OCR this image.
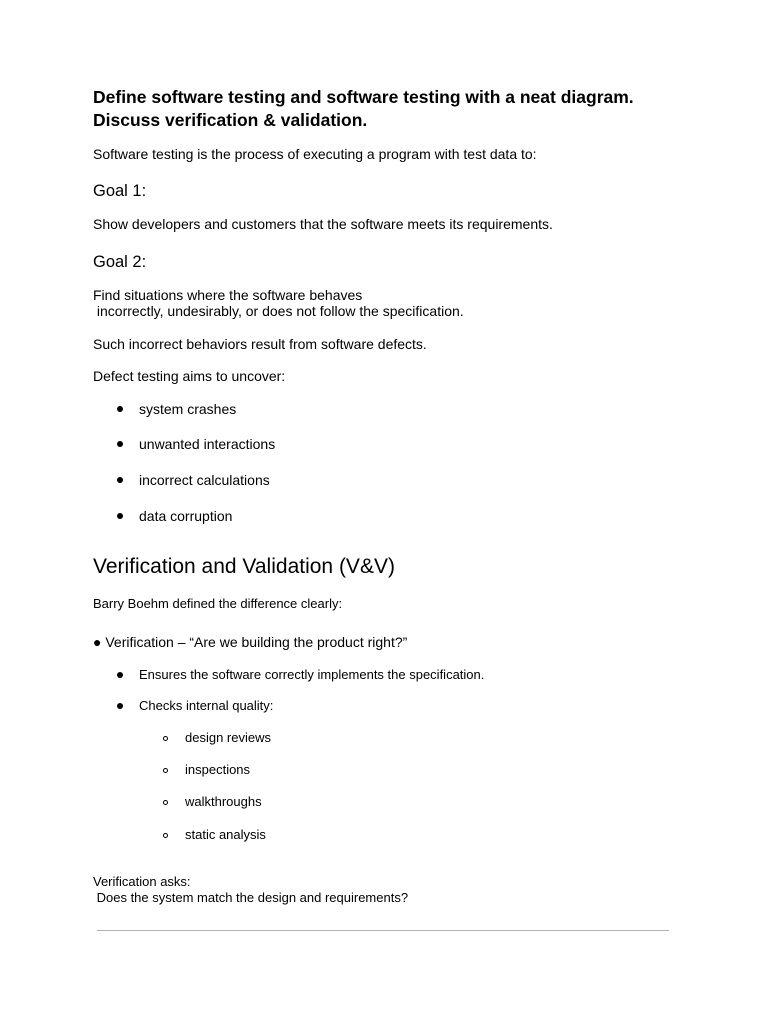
Define software testing and software testing with a neat diagram.
Discuss verification & validation.
Software testing is the process of executing a program with test data to:
Goal 1:
Show developers and customers that the software meets its requirements.
Goal 2:
Find situations where the software behaves
incorrectly, undesirably, or does not follow the specification.
Such incorrect behaviors result from software defects.
Defect testing aims to uncover:
system crashes
unwanted interactions
incorrect calculations
data corruption
Verification and Validation (V&V)
Barry Boehm defined the difference clearly:
● Verification – “Are we building the product right?”
Ensures the software correctly implements the specification.
Checks internal quality:
design reviews
inspections
walkthroughs
static analysis
Verification asks:
Does the system match the design and requirements?
